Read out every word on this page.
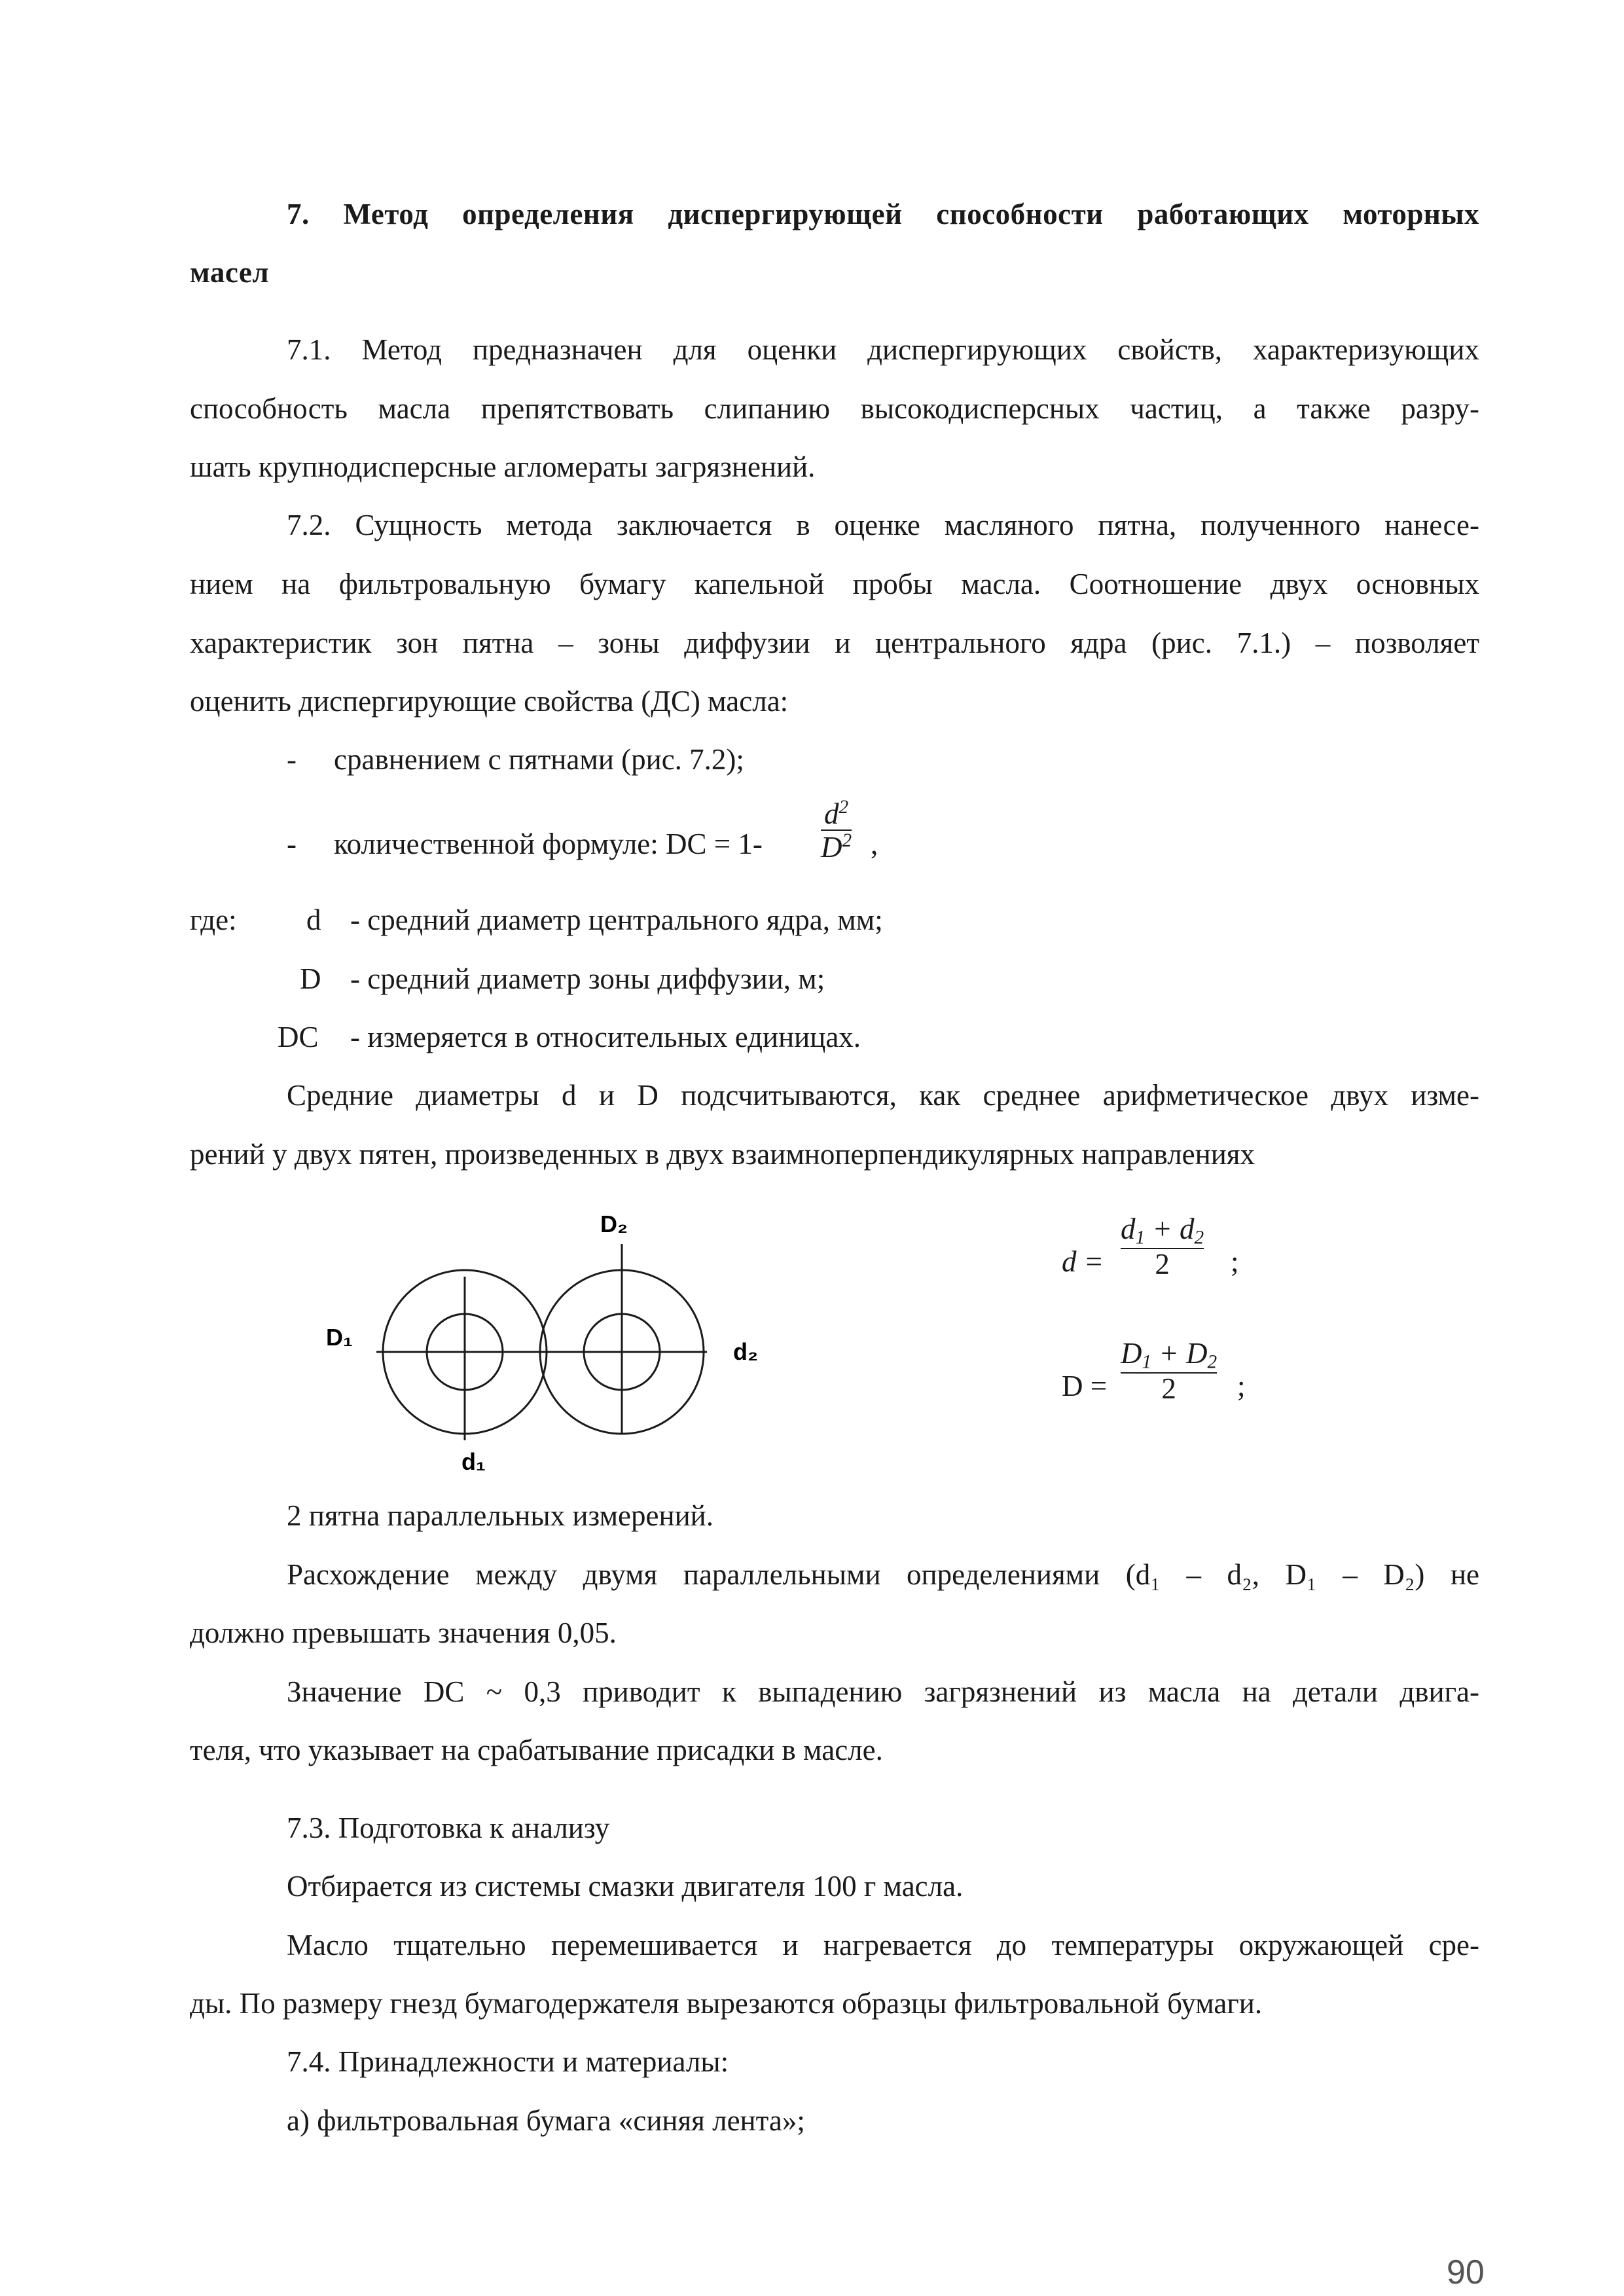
7. Метод определения диспергирующей способности работающих моторных
масел
7.1. Метод предназначен для оценки диспергирующих свойств, характеризующих
способность масла препятствовать слипанию высокодисперсных частиц, а также разру-
шать крупнодисперсные агломераты загрязнений.
7.2. Сущность метода заключается в оценке масляного пятна, полученного нанесе-
нием на фильтровальную бумагу капельной пробы масла. Соотношение двух основных
характеристик зон пятна – зоны диффузии и центрального ядра (рис. 7.1.) – позволяет
оценить диспергирующие свойства (ДС) масла:
- сравнением с пятнами (рис. 7.2);
- количественной формуле: DC = 1-
$d^2$
$D^2$ ,
где: d - средний диаметр центрального ядра, мм;
D - средний диаметр зоны диффузии, м;
DC - измеряется в относительных единицах.
Средние диаметры d и D подсчитываются, как среднее арифметическое двух изме-
рений у двух пятен, произведенных в двух взаимноперпендикулярных направлениях
D₂
D₁
d₂
d₁
d =
$d_1 + d_2$
2 ;
D =
$D_1 + D_2$
2 ;
2 пятна параллельных измерений.
Расхождение между двумя параллельными определениями (d₁ – d₂, D₁ – D₂) не
должно превышать значения 0,05.
Значение DC ~ 0,3 приводит к выпадению загрязнений из масла на детали двига-
теля, что указывает на срабатывание присадки в масле.
7.3. Подготовка к анализу
Отбирается из системы смазки двигателя 100 г масла.
Масло тщательно перемешивается и нагревается до температуры окружающей сре-
ды. По размеру гнезд бумагодержателя вырезаются образцы фильтровальной бумаги.
7.4. Принадлежности и материалы:
а) фильтровальная бумага «синяя лента»;
90
